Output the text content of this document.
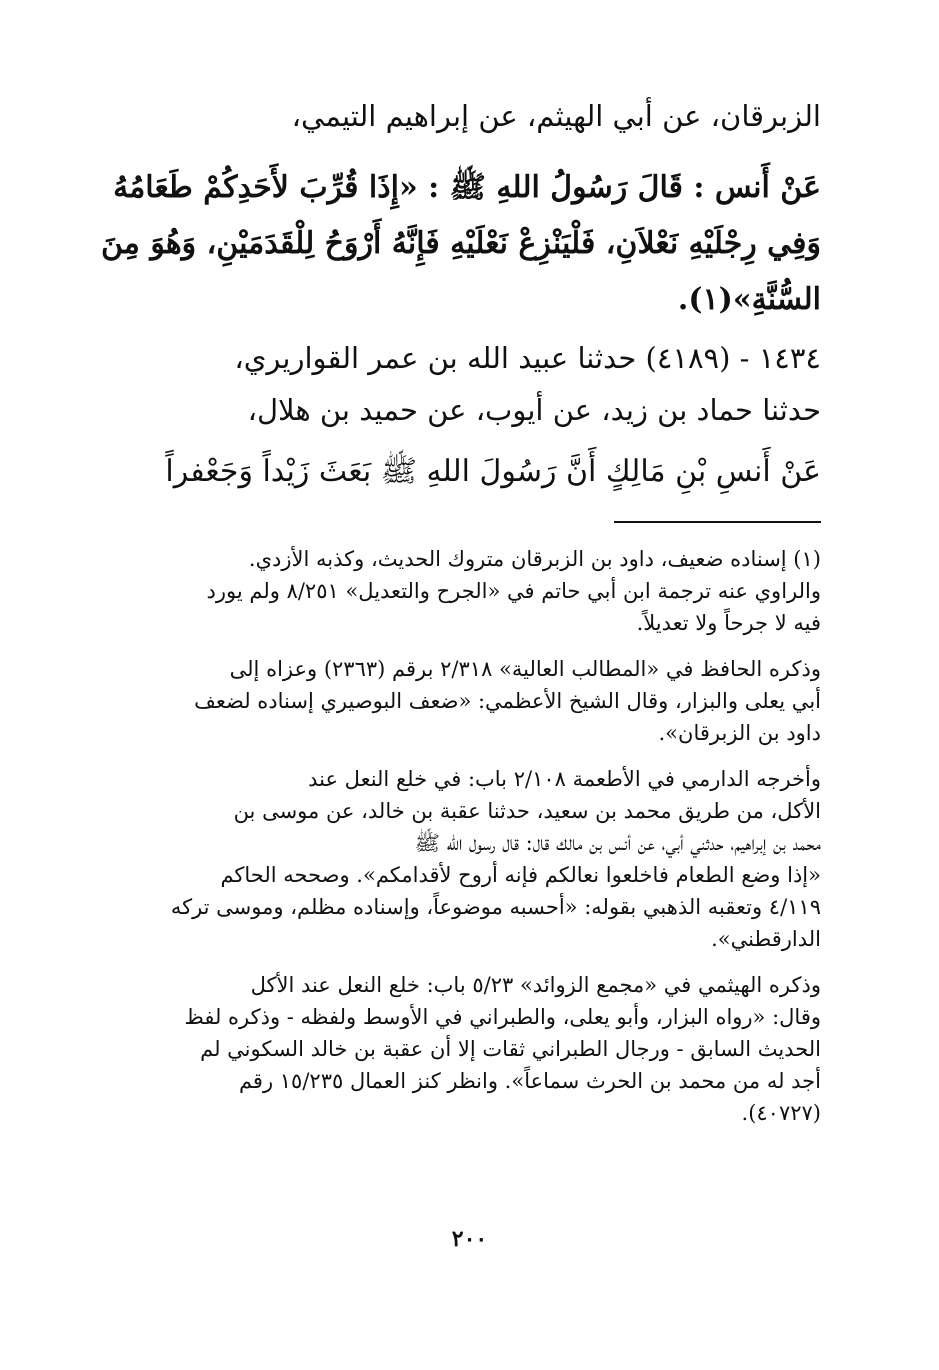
الزبرقان، عن أبي الهيثم، عن إبراهيم التيمي،
عَنْ أَنس : قَالَ رَسُولُ اللهِ ﷺ : «إِذَا قُرِّبَ لأَحَدِكُمْ طَعَامُهُ
وَفِي رِجْلَيْهِ نَعْلاَنِ، فَلْيَنْزِعْ نَعْلَيْهِ فَإِنَّهُ أَرْوَحُ لِلْقَدَمَيْنِ، وَهُوَ مِنَ
السُّنَّةِ»(١).
١٤٣٤ - (٤١٨٩) حدثنا عبيد الله بن عمر القواريري،
حدثنا حماد بن زيد، عن أيوب، عن حميد بن هلال،
عَنْ أَنسِ بْنِ مَالِكٍ أَنَّ رَسُولَ اللهِ ﷺ بَعَثَ زَيْداً وَجَعْفراً
(١) إسناده ضعيف، داود بن الزبرقان متروك الحديث، وكذبه الأزدي.
والراوي عنه ترجمة ابن أبي حاتم في «الجرح والتعديل» ٨/٢٥١ ولم يورد
فيه لا جرحاً ولا تعديلاً.
وذكره الحافظ في «المطالب العالية» ٢/٣١٨ برقم (٢٣٦٣) وعزاه إلى
أبي يعلى والبزار، وقال الشيخ الأعظمي: «ضعف البوصيري إسناده لضعف
داود بن الزبرقان».
وأخرجه الدارمي في الأطعمة ٢/١٠٨ باب: في خلع النعل عند
الأكل، من طريق محمد بن سعيد، حدثنا عقبة بن خالد، عن موسى بن
محمد بن إبراهيم، حدثني أبي، عن أنس بن مالك قال: قال رسول الله ﷺ
«إذا وضع الطعام فاخلعوا نعالكم فإنه أروح لأقدامكم». وصححه الحاكم
٤/١١٩ وتعقبه الذهبي بقوله: «أحسبه موضوعاً، وإسناده مظلم، وموسى تركه
الدارقطني».
وذكره الهيثمي في «مجمع الزوائد» ٥/٢٣ باب: خلع النعل عند الأكل
وقال: «رواه البزار، وأبو يعلى، والطبراني في الأوسط ولفظه - وذكره لفظ
الحديث السابق - ورجال الطبراني ثقات إلا أن عقبة بن خالد السكوني لم
أجد له من محمد بن الحرث سماعاً». وانظر كنز العمال ١٥/٢٣٥ رقم
(٤٠٧٢٧).
٢٠٠
